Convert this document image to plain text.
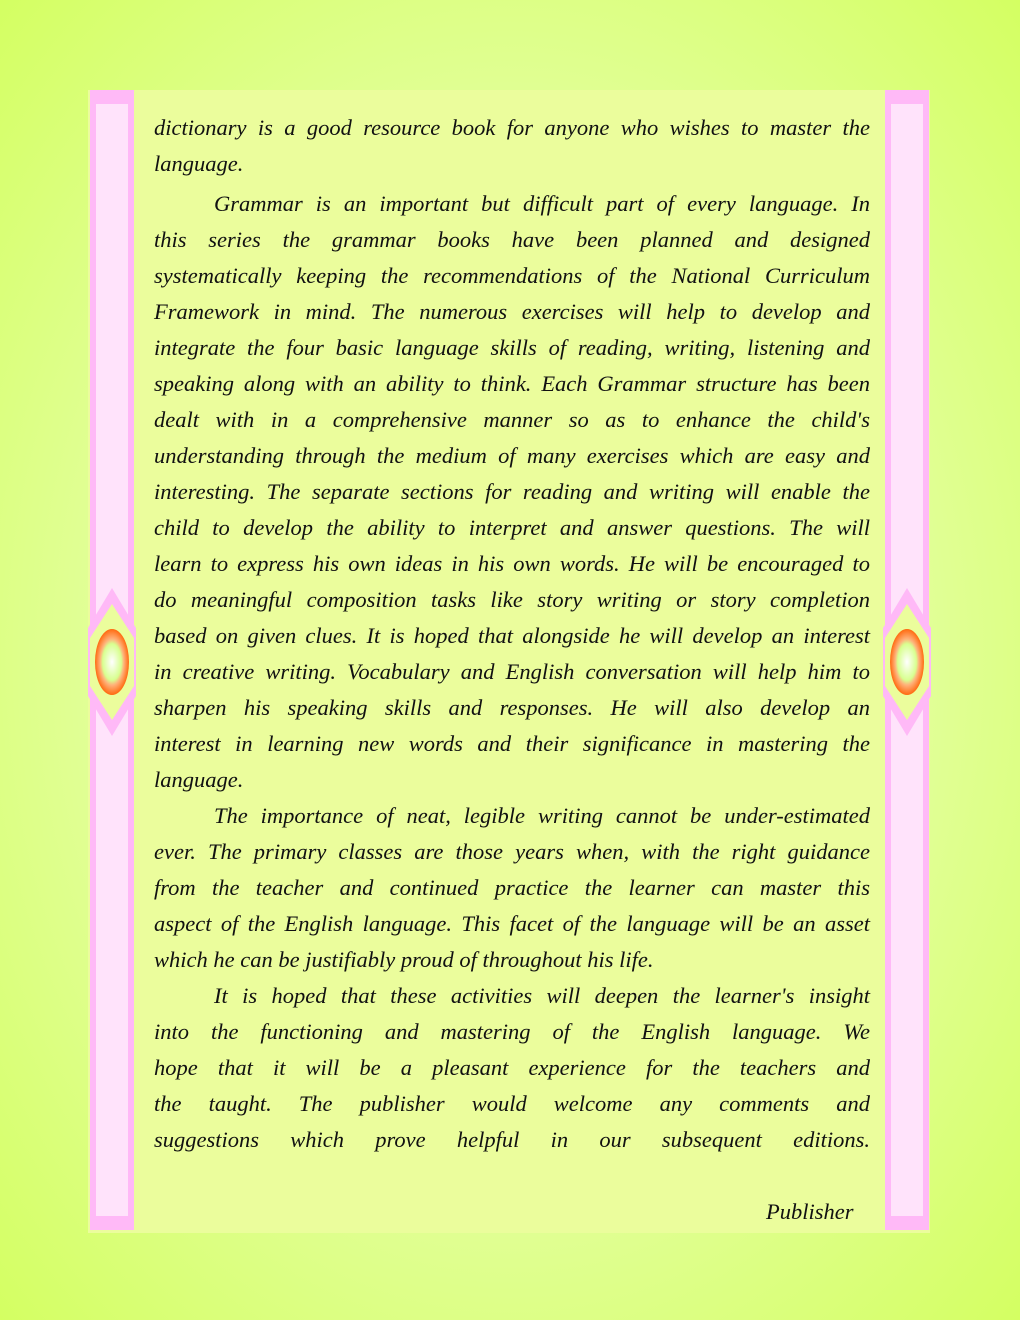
dictionary is a good resource book for anyone who wishes to master the
language.
Grammar is an important but difficult part of every language. In
this series the grammar books have been planned and designed
systematically keeping the recommendations of the National Curriculum
Framework in mind. The numerous exercises will help to develop and
integrate the four basic language skills of reading, writing, listening and
speaking along with an ability to think. Each Grammar structure has been
dealt with in a comprehensive manner so as to enhance the child's
understanding through the medium of many exercises which are easy and
interesting. The separate sections for reading and writing will enable the
child to develop the ability to interpret and answer questions. The will
learn to express his own ideas in his own words. He will be encouraged to
do meaningful composition tasks like story writing or story completion
based on given clues. It is hoped that alongside he will develop an interest
in creative writing. Vocabulary and English conversation will help him to
sharpen his speaking skills and responses. He will also develop an
interest in learning new words and their significance in mastering the
language.
The importance of neat, legible writing cannot be under-estimated
ever. The primary classes are those years when, with the right guidance
from the teacher and continued practice the learner can master this
aspect of the English language. This facet of the language will be an asset
which he can be justifiably proud of throughout his life.
It is hoped that these activities will deepen the learner's insight
into the functioning and mastering of the English language. We
hope that it will be a pleasant experience for the teachers and
the taught. The publisher would welcome any comments and
suggestions which prove helpful in our subsequent editions.
Publisher
